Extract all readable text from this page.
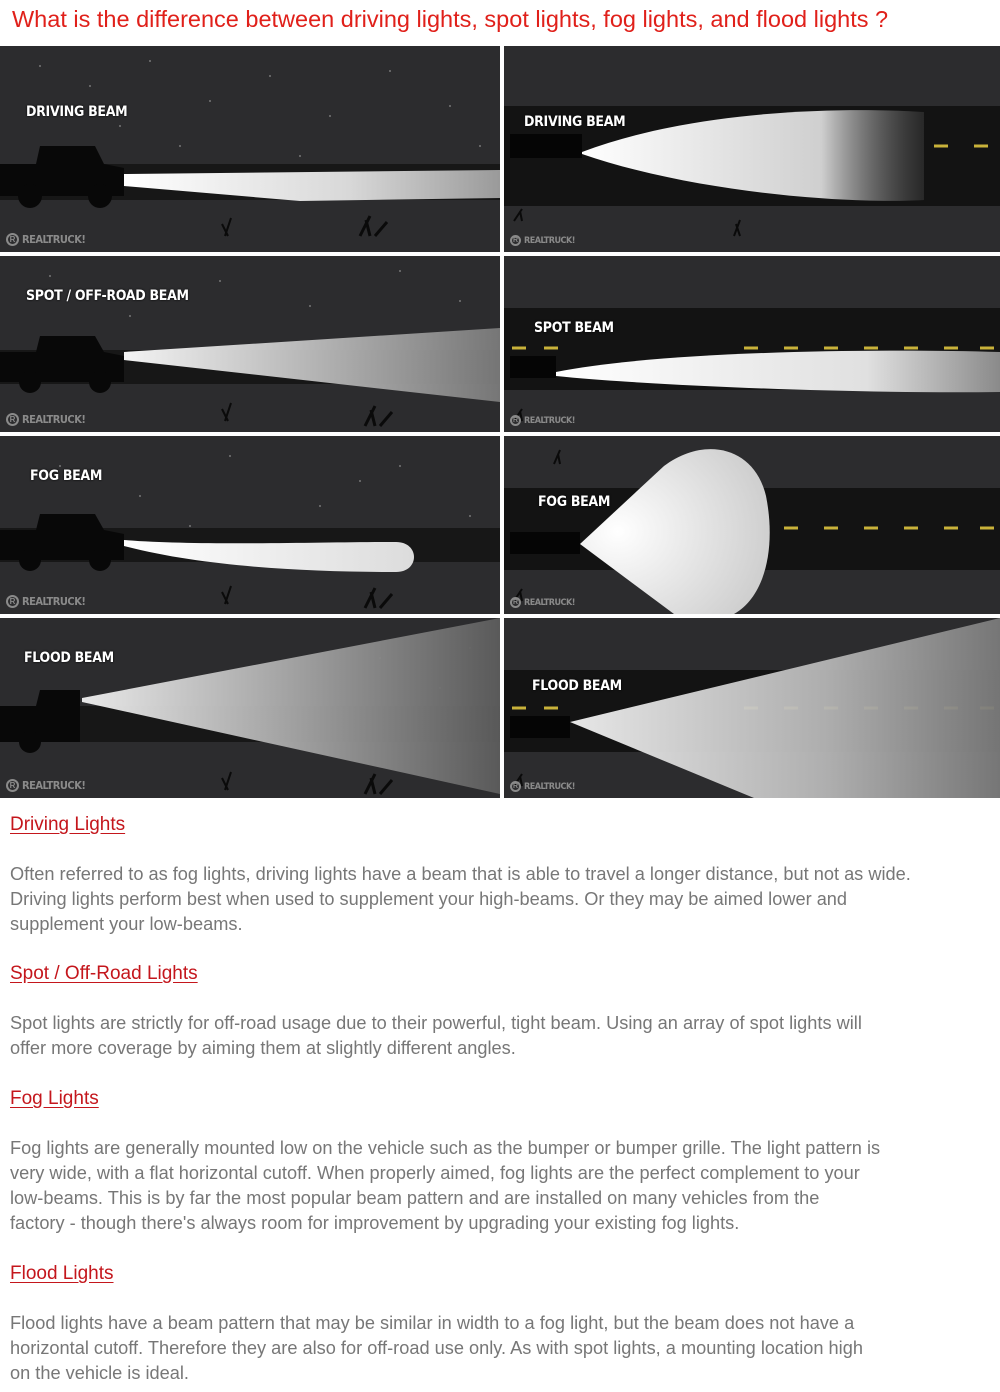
What is the difference between driving lights, spot lights, fog lights, and flood lights ?
DRIVING BEAM
R REALTRUCK!
DRIVING BEAM
R REALTRUCK!
SPOT / OFF-ROAD BEAM
R REALTRUCK!
SPOT BEAM
R REALTRUCK!
FOG BEAM
R REALTRUCK!
FOG BEAM
R REALTRUCK!
FLOOD BEAM
R REALTRUCK!
FLOOD BEAM
R REALTRUCK!
Driving Lights

Often referred to as fog lights, driving lights have a beam that is able to travel a longer distance, but not as wide.
Driving lights perform best when used to supplement your high-beams. Or they may be aimed lower and
supplement your low-beams.

Spot / Off-Road Lights

Spot lights are strictly for off-road usage due to their powerful, tight beam. Using an array of spot lights will
offer more coverage by aiming them at slightly different angles.

Fog Lights

Fog lights are generally mounted low on the vehicle such as the bumper or bumper grille. The light pattern is
very wide, with a flat horizontal cutoff. When properly aimed, fog lights are the perfect complement to your
low-beams. This is by far the most popular beam pattern and are installed on many vehicles from the
factory - though there's always room for improvement by upgrading your existing fog lights.

Flood Lights

Flood lights have a beam pattern that may be similar in width to a fog light, but the beam does not have a
horizontal cutoff. Therefore they are also for off-road use only. As with spot lights, a mounting location high
on the vehicle is ideal.
